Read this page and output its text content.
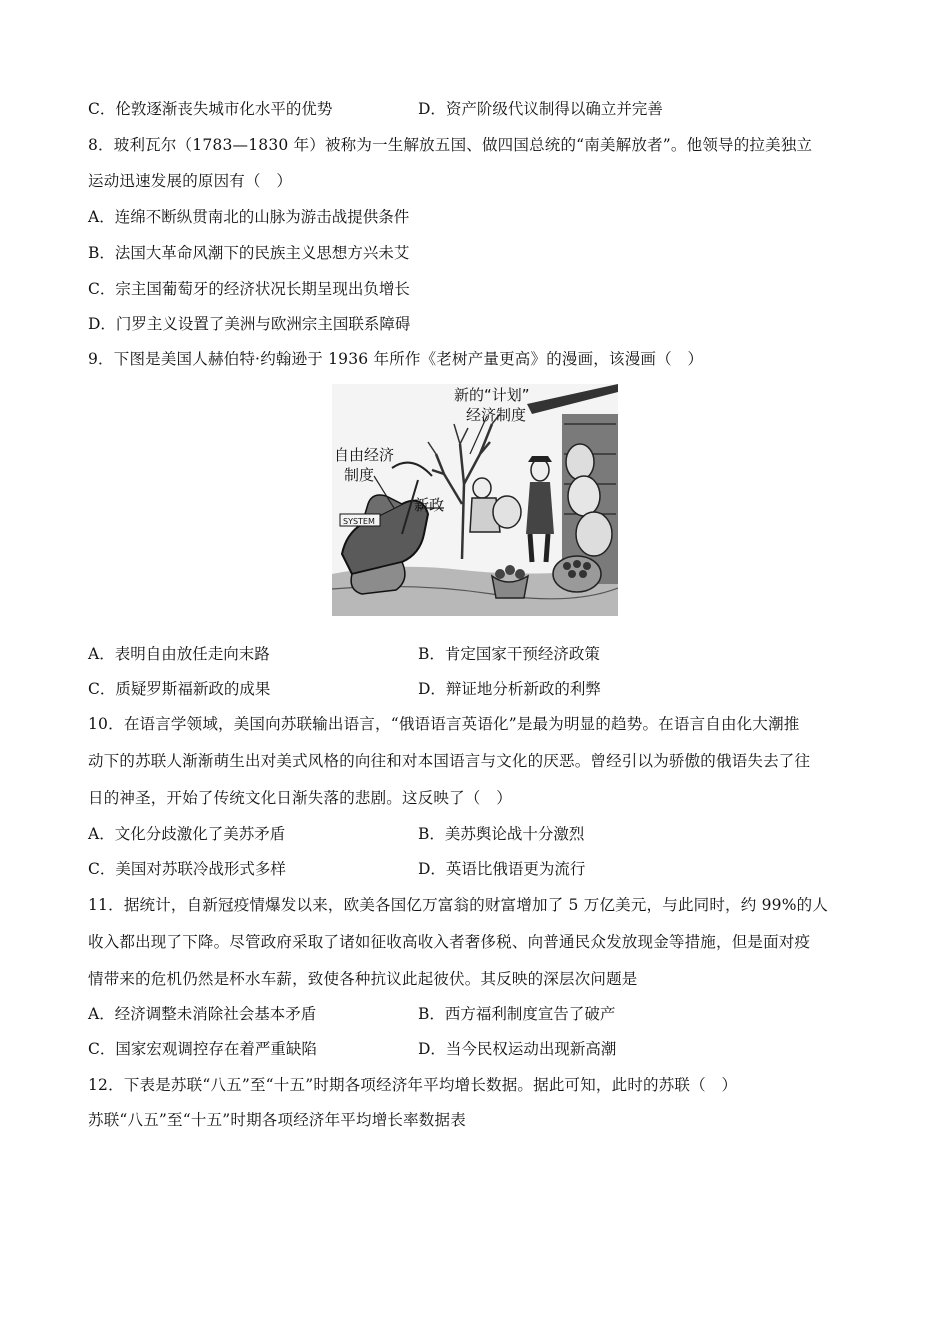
C．伦敦逐渐丧失城市化水平的优势	D．资产阶级代议制得以确立并完善
8．玻利瓦尔（1783—1830 年）被称为一生解放五国、做四国总统的“南美解放者”。他领导的拉美独立
运动迅速发展的原因有（　）
A．连绵不断纵贯南北的山脉为游击战提供条件
B．法国大革命风潮下的民族主义思想方兴未艾
C．宗主国葡萄牙的经济状况长期呈现出负增长
D．门罗主义设置了美洲与欧洲宗主国联系障碍
9．下图是美国人赫伯特·约翰逊于 1936 年所作《老树产量更高》的漫画，该漫画（　）
SYSTEM
新的“计划”
经济制度
自由经济
制度
新政
A．表明自由放任走向末路	B．肯定国家干预经济政策
C．质疑罗斯福新政的成果	D．辩证地分析新政的利弊
10．在语言学领域，美国向苏联输出语言，“俄语语言英语化”是最为明显的趋势。在语言自由化大潮推
动下的苏联人渐渐萌生出对美式风格的向往和对本国语言与文化的厌恶。曾经引以为骄傲的俄语失去了往
日的神圣，开始了传统文化日渐失落的悲剧。这反映了（　）
A．文化分歧激化了美苏矛盾	B．美苏舆论战十分激烈
C．美国对苏联冷战形式多样	D．英语比俄语更为流行
11．据统计，自新冠疫情爆发以来，欧美各国亿万富翁的财富增加了 5 万亿美元，与此同时，约 99%的人
收入都出现了下降。尽管政府采取了诸如征收高收入者奢侈税、向普通民众发放现金等措施，但是面对疫
情带来的危机仍然是杯水车薪，致使各种抗议此起彼伏。其反映的深层次问题是
A．经济调整未消除社会基本矛盾	B．西方福利制度宣告了破产
C．国家宏观调控存在着严重缺陷	D．当今民权运动出现新高潮
12．下表是苏联“八五”至“十五”时期各项经济年平均增长数据。据此可知，此时的苏联（　）
苏联“八五”至“十五”时期各项经济年平均增长率数据表
